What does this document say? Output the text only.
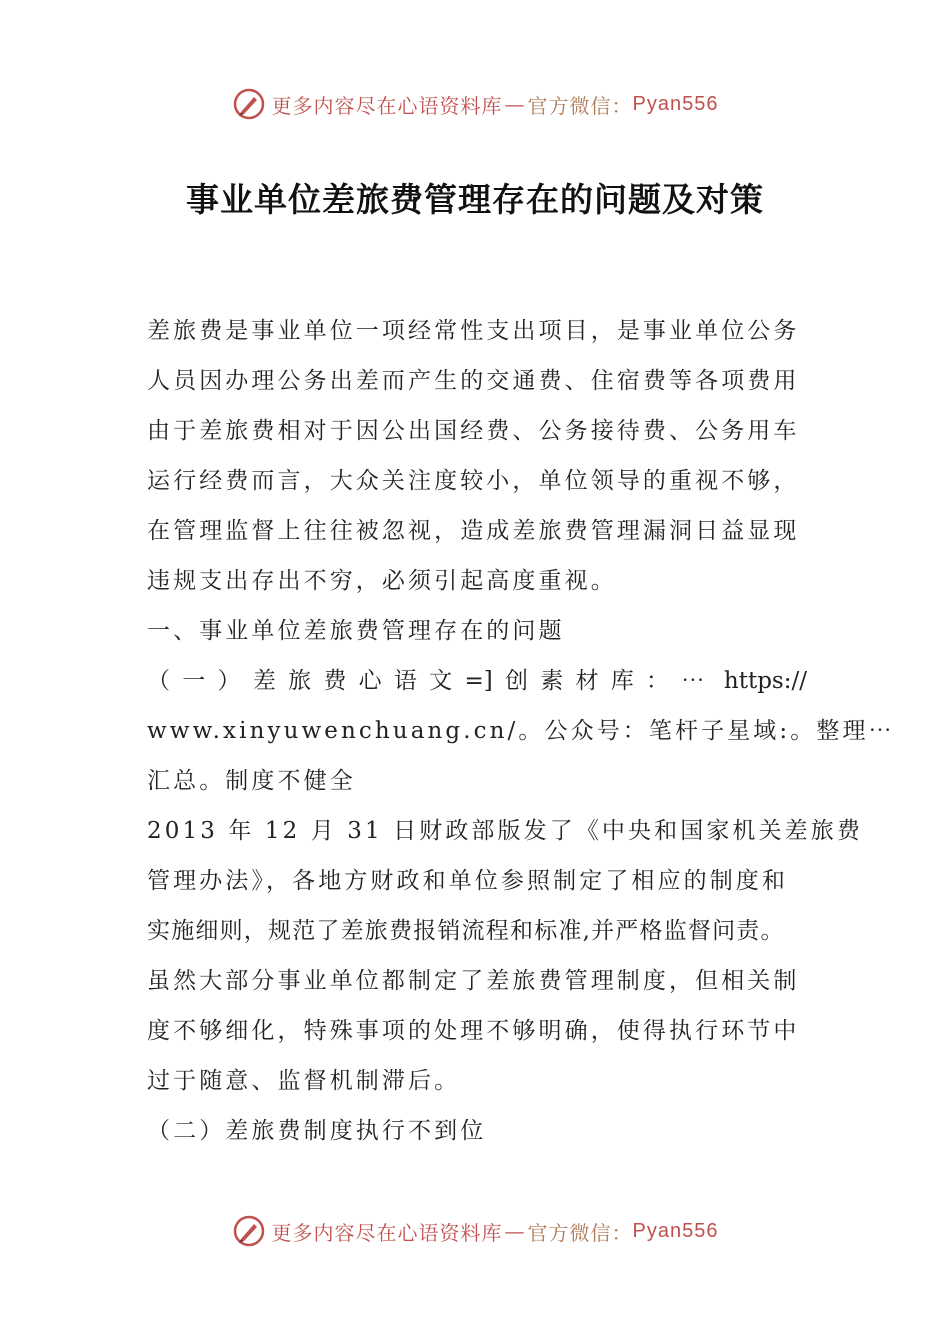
更多内容尽在心语资料库 — 官方微信： Pyan556
事业单位差旅费管理存在的问题及对策
差旅费是事业单位一项经常性支出项目，是事业单位公务
人员因办理公务出差而产生的交通费、住宿费等各项费用
由于差旅费相对于因公出国经费、公务接待费、公务用车
运行经费而言，大众关注度较小，单位领导的重视不够，
在管理监督上往往被忽视，造成差旅费管理漏洞日益显现
违规支出存出不穷，必须引起高度重视。
一、事业单位差旅费管理存在的问题
（一）差旅费心语文=]创素材库：⋯ https://
www.xinyuwenchuang.cn/。公众号：笔杆子星域:。整理⋯
汇总。制度不健全
2013 年 12 月 31 日财政部版发了《中央和国家机关差旅费
管理办法》，各地方财政和单位参照制定了相应的制度和
实施细则，规范了差旅费报销流程和标准,并严格监督问责。
虽然大部分事业单位都制定了差旅费管理制度，但相关制
度不够细化，特殊事项的处理不够明确，使得执行环节中
过于随意、监督机制滞后。
（二）差旅费制度执行不到位
更多内容尽在心语资料库 — 官方微信： Pyan556
